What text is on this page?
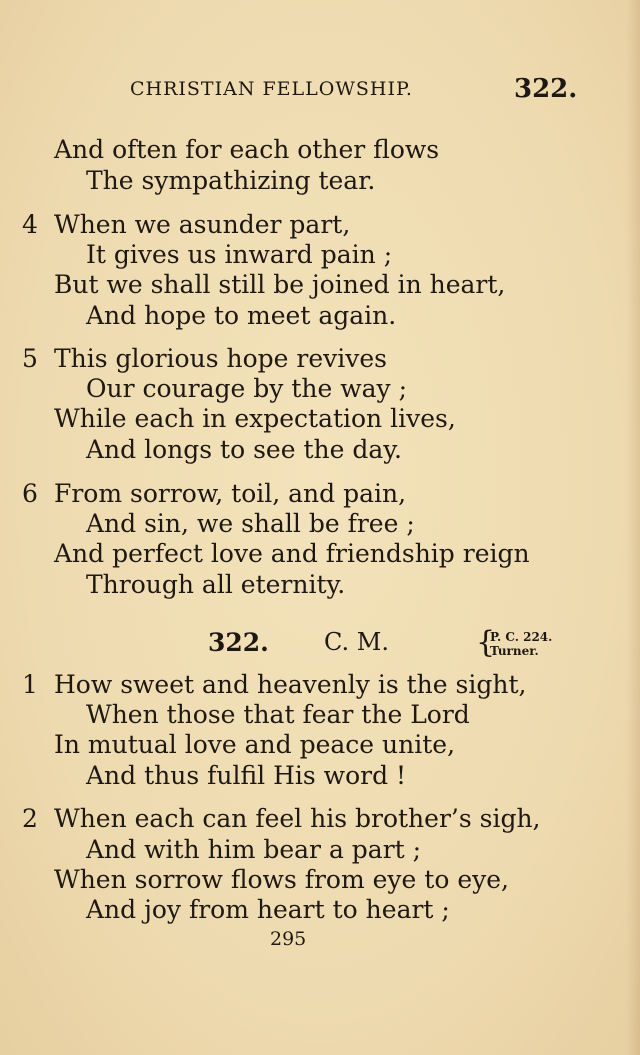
CHRISTIAN FELLOWSHIP.	322.
And often for each other flows
The sympathizing tear.
4 When we asunder part,
It gives us inward pain ;
But we shall still be joined in heart,
And hope to meet again.
5 This glorious hope revives
Our courage by the way ;
While each in expectation lives,
And longs to see the day.
6 From sorrow, toil, and pain,
And sin, we shall be free ;
And perfect love and friendship reign
Through all eternity.
322. C. M.	{
P. C. 224.
Turner.
1 How sweet and heavenly is the sight,
When those that fear the Lord
In mutual love and peace unite,
And thus fulfil His word !
2 When each can feel his brother’s sigh,
And with him bear a part ;
When sorrow flows from eye to eye,
And joy from heart to heart ;
295
